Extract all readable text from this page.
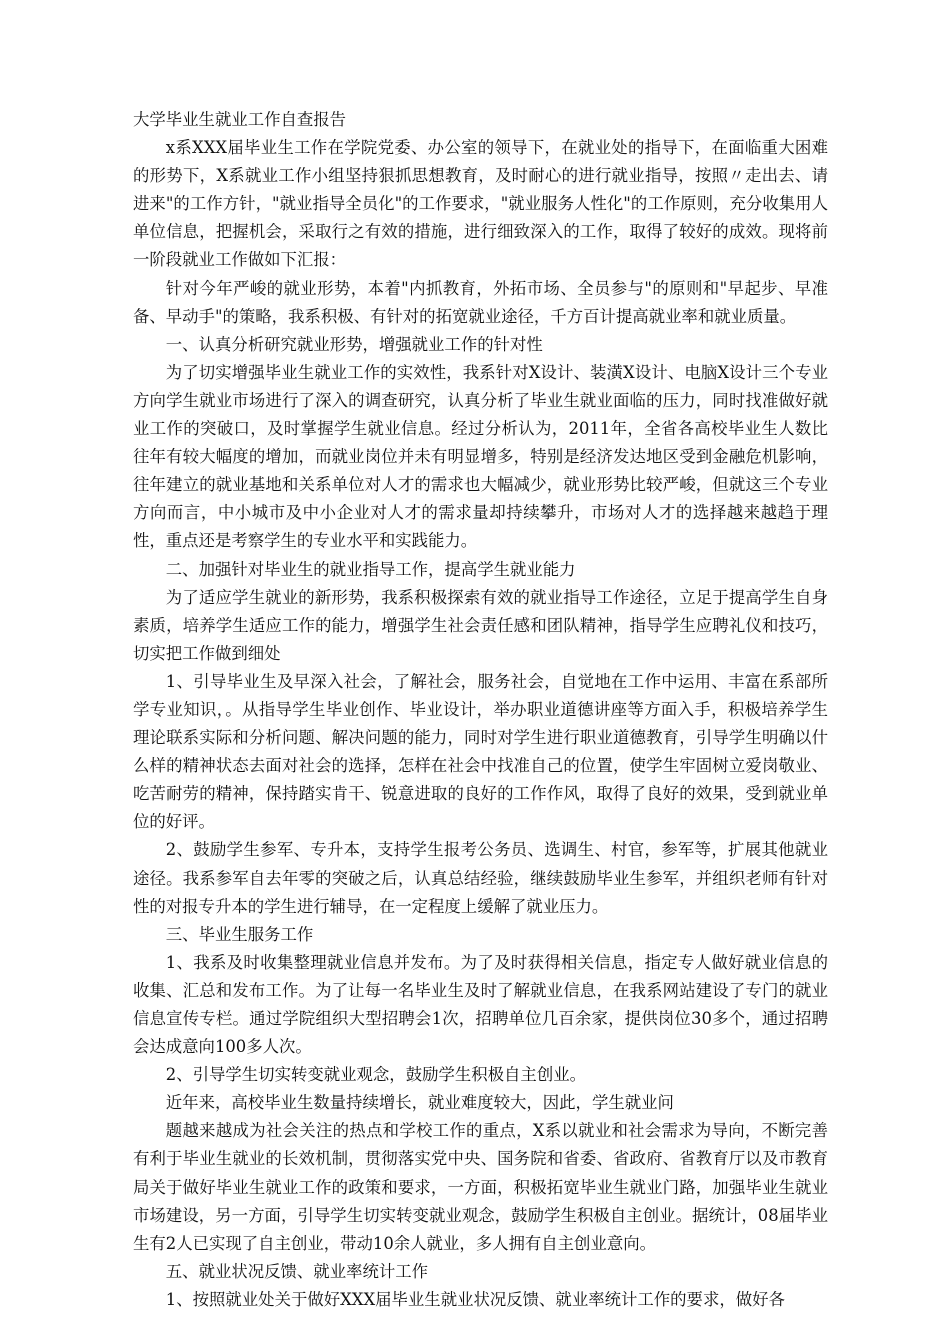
大学毕业生就业工作自查报告

x系XXX届毕业生工作在学院党委、办公室的领导下，在就业处的指导下，在面临重大困难的形势下，X系就业工作小组坚持狠抓思想教育，及时耐心的进行就业指导，按照〃走出去、请进来"的工作方针，"就业指导全员化"的工作要求，"就业服务人性化"的工作原则，充分收集用人单位信息，把握机会，采取行之有效的措施，进行细致深入的工作，取得了较好的成效。现将前一阶段就业工作做如下汇报：

针对今年严峻的就业形势，本着"内抓教育，外拓市场、全员参与"的原则和"早起步、早准备、早动手"的策略，我系积极、有针对的拓宽就业途径，千方百计提高就业率和就业质量。

一、认真分析研究就业形势，增强就业工作的针对性

为了切实增强毕业生就业工作的实效性，我系针对X设计、装潢X设计、电脑X设计三个专业方向学生就业市场进行了深入的调查研究，认真分析了毕业生就业面临的压力，同时找准做好就业工作的突破口，及时掌握学生就业信息。经过分析认为，2011年，全省各高校毕业生人数比往年有较大幅度的增加，而就业岗位并未有明显增多，特别是经济发达地区受到金融危机影响，往年建立的就业基地和关系单位对人才的需求也大幅减少，就业形势比较严峻，但就这三个专业方向而言，中小城市及中小企业对人才的需求量却持续攀升，市场对人才的选择越来越趋于理性，重点还是考察学生的专业水平和实践能力。

二、加强针对毕业生的就业指导工作，提高学生就业能力

为了适应学生就业的新形势，我系积极探索有效的就业指导工作途径，立足于提高学生自身素质，培养学生适应工作的能力，增强学生社会责任感和团队精神，指导学生应聘礼仪和技巧，切实把工作做到细处

1、引导毕业生及早深入社会，了解社会，服务社会，自觉地在工作中运用、丰富在系部所学专业知识，。从指导学生毕业创作、毕业设计，举办职业道德讲座等方面入手，积极培养学生理论联系实际和分析问题、解决问题的能力，同时对学生进行职业道德教育，引导学生明确以什么样的精神状态去面对社会的选择，怎样在社会中找准自己的位置，使学生牢固树立爱岗敬业、吃苦耐劳的精神，保持踏实肯干、锐意进取的良好的工作作风，取得了良好的效果，受到就业单位的好评。

2、鼓励学生参军、专升本，支持学生报考公务员、选调生、村官，参军等，扩展其他就业途径。我系参军自去年零的突破之后，认真总结经验，继续鼓励毕业生参军，并组织老师有针对性的对报专升本的学生进行辅导，在一定程度上缓解了就业压力。

三、毕业生服务工作

1、我系及时收集整理就业信息并发布。为了及时获得相关信息，指定专人做好就业信息的收集、汇总和发布工作。为了让每一名毕业生及时了解就业信息，在我系网站建设了专门的就业信息宣传专栏。通过学院组织大型招聘会1次，招聘单位几百余家，提供岗位30多个，通过招聘会达成意向100多人次。

2、引导学生切实转变就业观念，鼓励学生积极自主创业。

近年来，高校毕业生数量持续增长，就业难度较大，因此，学生就业问

题越来越成为社会关注的热点和学校工作的重点，X系以就业和社会需求为导向，不断完善有利于毕业生就业的长效机制，贯彻落实党中央、国务院和省委、省政府、省教育厅以及市教育局关于做好毕业生就业工作的政策和要求，一方面，积极拓宽毕业生就业门路，加强毕业生就业市场建设，另一方面，引导学生切实转变就业观念，鼓励学生积极自主创业。据统计，08届毕业生有2人已实现了自主创业，带动10余人就业，多人拥有自主创业意向。

五、就业状况反馈、就业率统计工作

1、按照就业处关于做好XXX届毕业生就业状况反馈、就业率统计工作的要求，做好各
